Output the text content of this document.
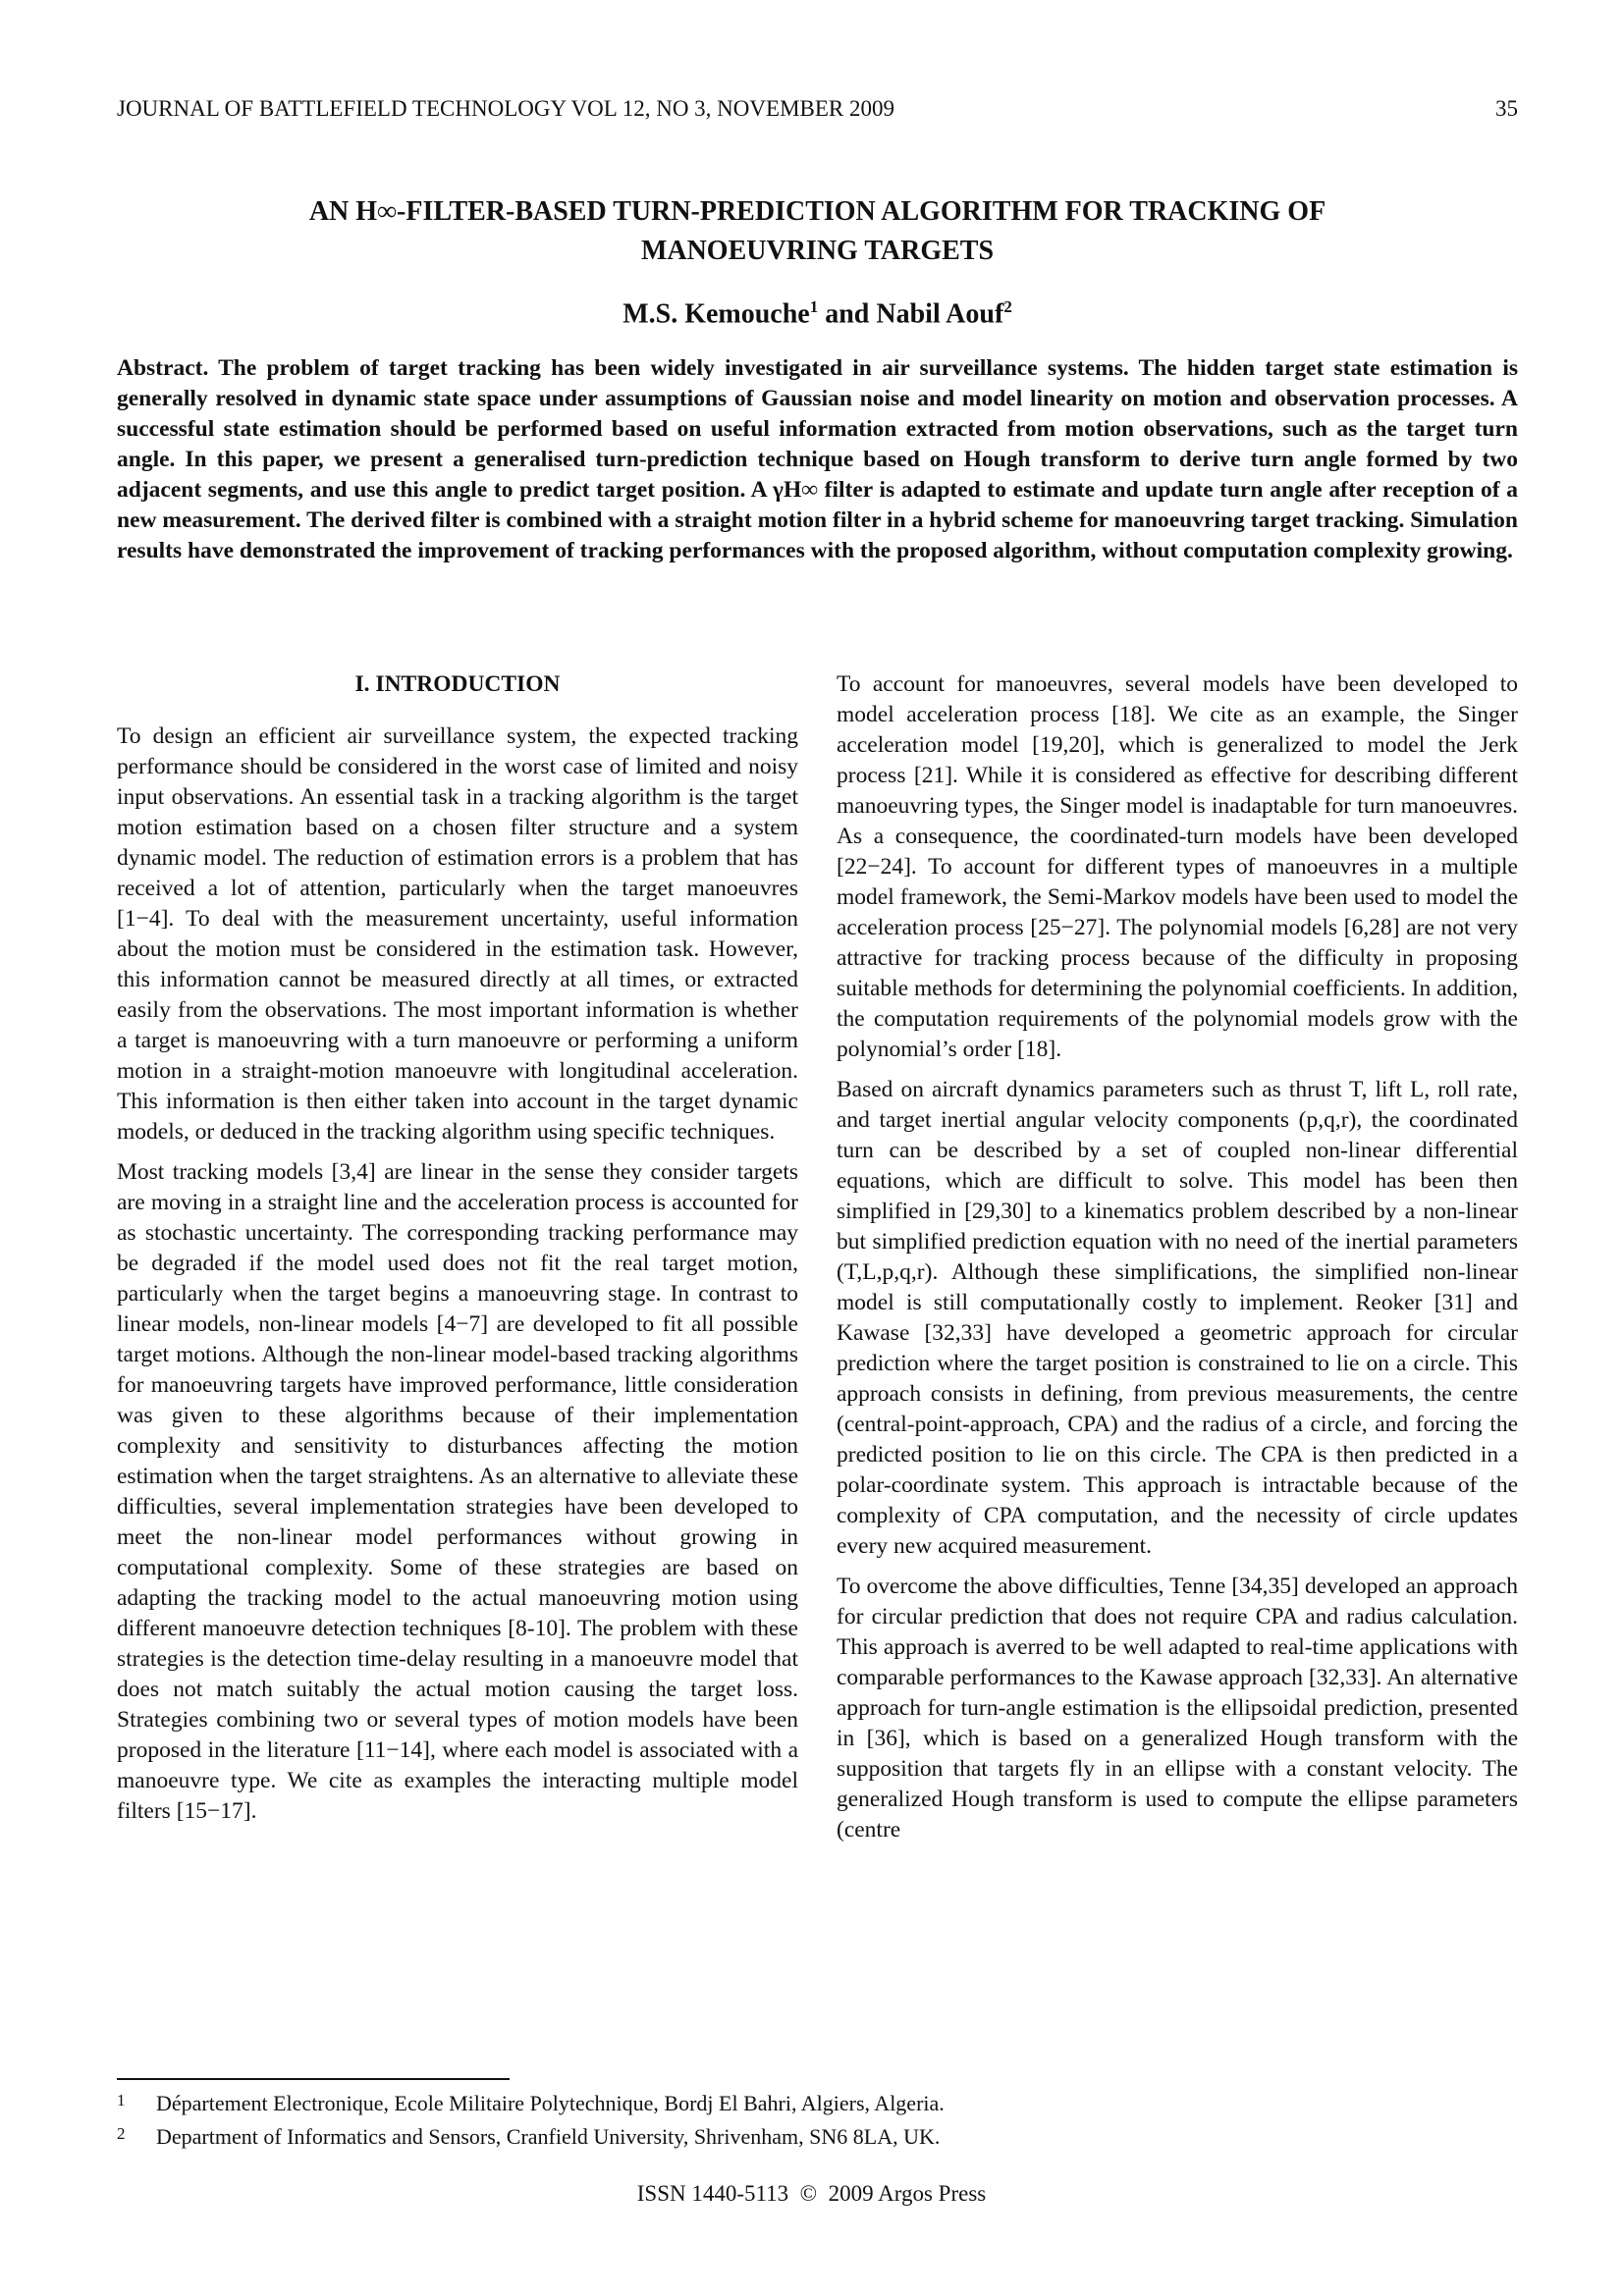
JOURNAL OF BATTLEFIELD TECHNOLOGY VOL 12, NO 3, NOVEMBER 2009	35
AN H∞-FILTER-BASED TURN-PREDICTION ALGORITHM FOR TRACKING OF
MANOEUVRING TARGETS
M.S. Kemouche$^1$ and Nabil Aouf$^2$
Abstract. The problem of target tracking has been widely investigated in air surveillance systems. The hidden target state estimation is generally resolved in dynamic state space under assumptions of Gaussian noise and model linearity on motion and observation processes. A successful state estimation should be performed based on useful information extracted from motion observations, such as the target turn angle. In this paper, we present a generalised turn-prediction technique based on Hough transform to derive turn angle formed by two adjacent segments, and use this angle to predict target position. A γH∞ filter is adapted to estimate and update turn angle after reception of a new measurement. The derived filter is combined with a straight motion filter in a hybrid scheme for manoeuvring target tracking. Simulation results have demonstrated the improvement of tracking performances with the proposed algorithm, without computation complexity growing.
I. INTRODUCTION

To design an efficient air surveillance system, the expected tracking performance should be considered in the worst case of limited and noisy input observations. An essential task in a tracking algorithm is the target motion estimation based on a chosen filter structure and a system dynamic model. The reduction of estimation errors is a problem that has received a lot of attention, particularly when the target manoeuvres [1−4]. To deal with the measurement uncertainty, useful information about the motion must be considered in the estimation task. However, this information cannot be measured directly at all times, or extracted easily from the observations. The most important information is whether a target is manoeuvring with a turn manoeuvre or performing a uniform motion in a straight-motion manoeuvre with longitudinal acceleration. This information is then either taken into account in the target dynamic models, or deduced in the tracking algorithm using specific techniques.

Most tracking models [3,4] are linear in the sense they consider targets are moving in a straight line and the acceleration process is accounted for as stochastic uncertainty. The corresponding tracking performance may be degraded if the model used does not fit the real target motion, particularly when the target begins a manoeuvring stage. In contrast to linear models, non-linear models [4−7] are developed to fit all possible target motions. Although the non-linear model-based tracking algorithms for manoeuvring targets have improved performance, little consideration was given to these algorithms because of their implementation complexity and sensitivity to disturbances affecting the motion estimation when the target straightens. As an alternative to alleviate these difficulties, several implementation strategies have been developed to meet the non-linear model performances without growing in computational complexity. Some of these strategies are based on adapting the tracking model to the actual manoeuvring motion using different manoeuvre detection techniques [8-10]. The problem with these strategies is the detection time-delay resulting in a manoeuvre model that does not match suitably the actual motion causing the target loss. Strategies combining two or several types of motion models have been proposed in the literature [11−14], where each model is associated with a manoeuvre type. We cite as examples the interacting multiple model filters [15−17].

To account for manoeuvres, several models have been developed to model acceleration process [18]. We cite as an example, the Singer acceleration model [19,20], which is generalized to model the Jerk process [21]. While it is considered as effective for describing different manoeuvring types, the Singer model is inadaptable for turn manoeuvres. As a consequence, the coordinated-turn models have been developed [22−24]. To account for different types of manoeuvres in a multiple model framework, the Semi-Markov models have been used to model the acceleration process [25−27]. The polynomial models [6,28] are not very attractive for tracking process because of the difficulty in proposing suitable methods for determining the polynomial coefficients. In addition, the computation requirements of the polynomial models grow with the polynomial’s order [18].

Based on aircraft dynamics parameters such as thrust T, lift L, roll rate, and target inertial angular velocity components (p,q,r), the coordinated turn can be described by a set of coupled non-linear differential equations, which are difficult to solve. This model has been then simplified in [29,30] to a kinematics problem described by a non-linear but simplified prediction equation with no need of the inertial parameters (T,L,p,q,r). Although these simplifications, the simplified non-linear model is still computationally costly to implement. Reoker [31] and Kawase [32,33] have developed a geometric approach for circular prediction where the target position is constrained to lie on a circle. This approach consists in defining, from previous measurements, the centre (central-point-approach, CPA) and the radius of a circle, and forcing the predicted position to lie on this circle. The CPA is then predicted in a polar-coordinate system. This approach is intractable because of the complexity of CPA computation, and the necessity of circle updates every new acquired measurement.

To overcome the above difficulties, Tenne [34,35] developed an approach for circular prediction that does not require CPA and radius calculation. This approach is averred to be well adapted to real-time applications with comparable performances to the Kawase approach [32,33]. An alternative approach for turn-angle estimation is the ellipsoidal prediction, presented in [36], which is based on a generalized Hough transform with the supposition that targets fly in an ellipse with a constant velocity. The generalized Hough transform is used to compute the ellipse parameters (centre

1 Département Electronique, Ecole Militaire Polytechnique, Bordj El Bahri, Algiers, Algeria.
2 Department of Informatics and Sensors, Cranfield University, Shrivenham, SN6 8LA, UK.
ISSN 1440-5113  ©  2009 Argos Press
